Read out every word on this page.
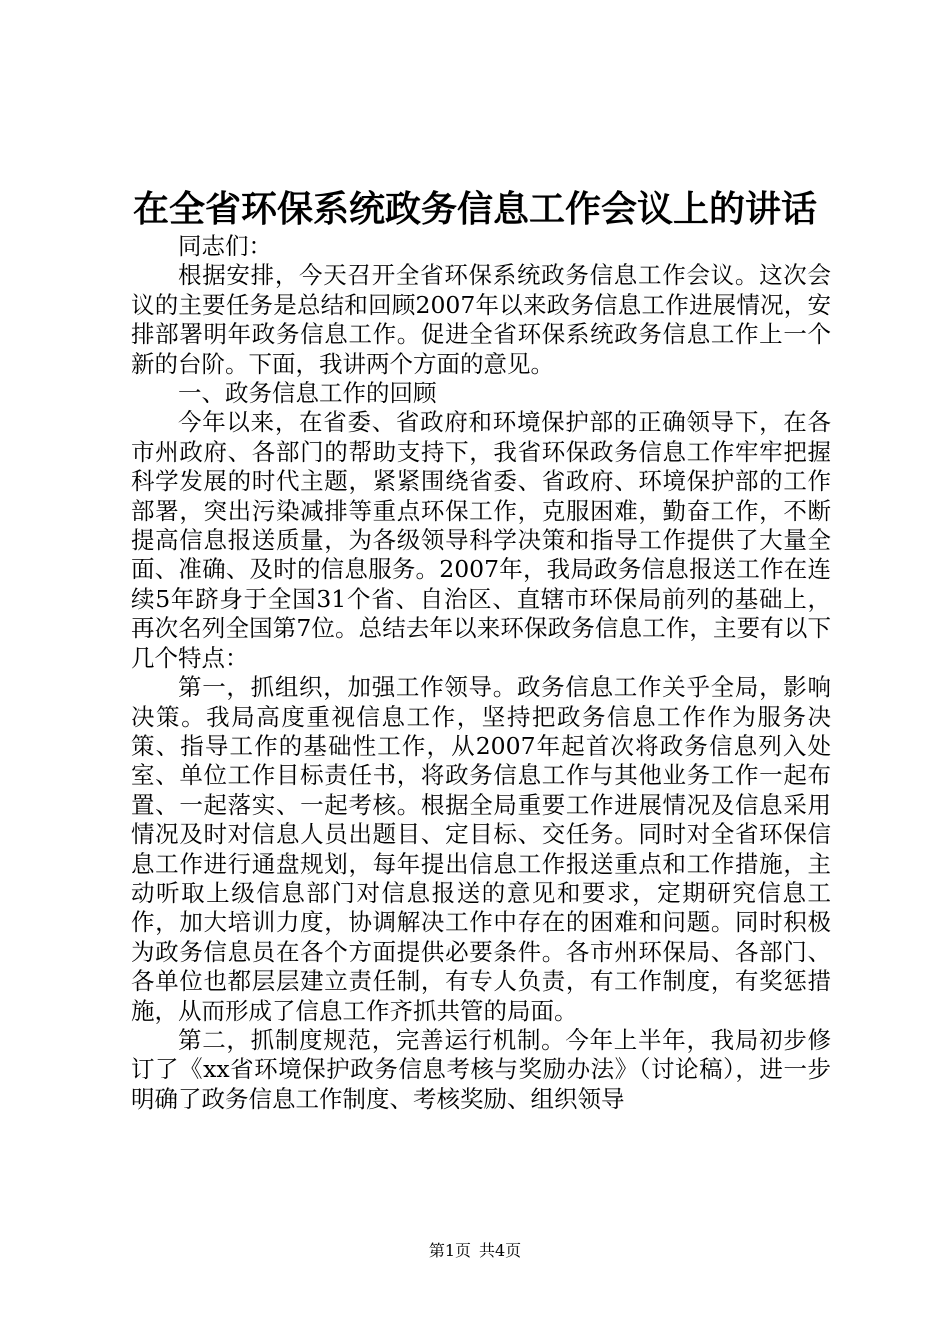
在全省环保系统政务信息工作会议上的讲话

同志们：

根据安排，今天召开全省环保系统政务信息工作会议。这次会议的主要任务是总结和回顾2007年以来政务信息工作进展情况，安排部署明年政务信息工作。促进全省环保系统政务信息工作上一个新的台阶。下面，我讲两个方面的意见。

一、政务信息工作的回顾

今年以来，在省委、省政府和环境保护部的正确领导下，在各市州政府、各部门的帮助支持下，我省环保政务信息工作牢牢把握科学发展的时代主题，紧紧围绕省委、省政府、环境保护部的工作部署，突出污染减排等重点环保工作，克服困难，勤奋工作，不断提高信息报送质量，为各级领导科学决策和指导工作提供了大量全面、准确、及时的信息服务。2007年，我局政务信息报送工作在连续5年跻身于全国31个省、自治区、直辖市环保局前列的基础上，再次名列全国第7位。总结去年以来环保政务信息工作，主要有以下几个特点：

第一，抓组织，加强工作领导。政务信息工作关乎全局，影响决策。我局高度重视信息工作，坚持把政务信息工作作为服务决策、指导工作的基础性工作，从2007年起首次将政务信息列入处室、单位工作目标责任书，将政务信息工作与其他业务工作一起布置、一起落实、一起考核。根据全局重要工作进展情况及信息采用情况及时对信息人员出题目、定目标、交任务。同时对全省环保信息工作进行通盘规划，每年提出信息工作报送重点和工作措施，主动听取上级信息部门对信息报送的意见和要求，定期研究信息工作，加大培训力度，协调解决工作中存在的困难和问题。同时积极为政务信息员在各个方面提供必要条件。各市州环保局、各部门、各单位也都层层建立责任制，有专人负责，有工作制度，有奖惩措施，从而形成了信息工作齐抓共管的局面。

第二，抓制度规范，完善运行机制。今年上半年，我局初步修订了《xx省环境保护政务信息考核与奖励办法》（讨论稿），进一步明确了政务信息工作制度、考核奖励、组织领导

第1页 共4页
